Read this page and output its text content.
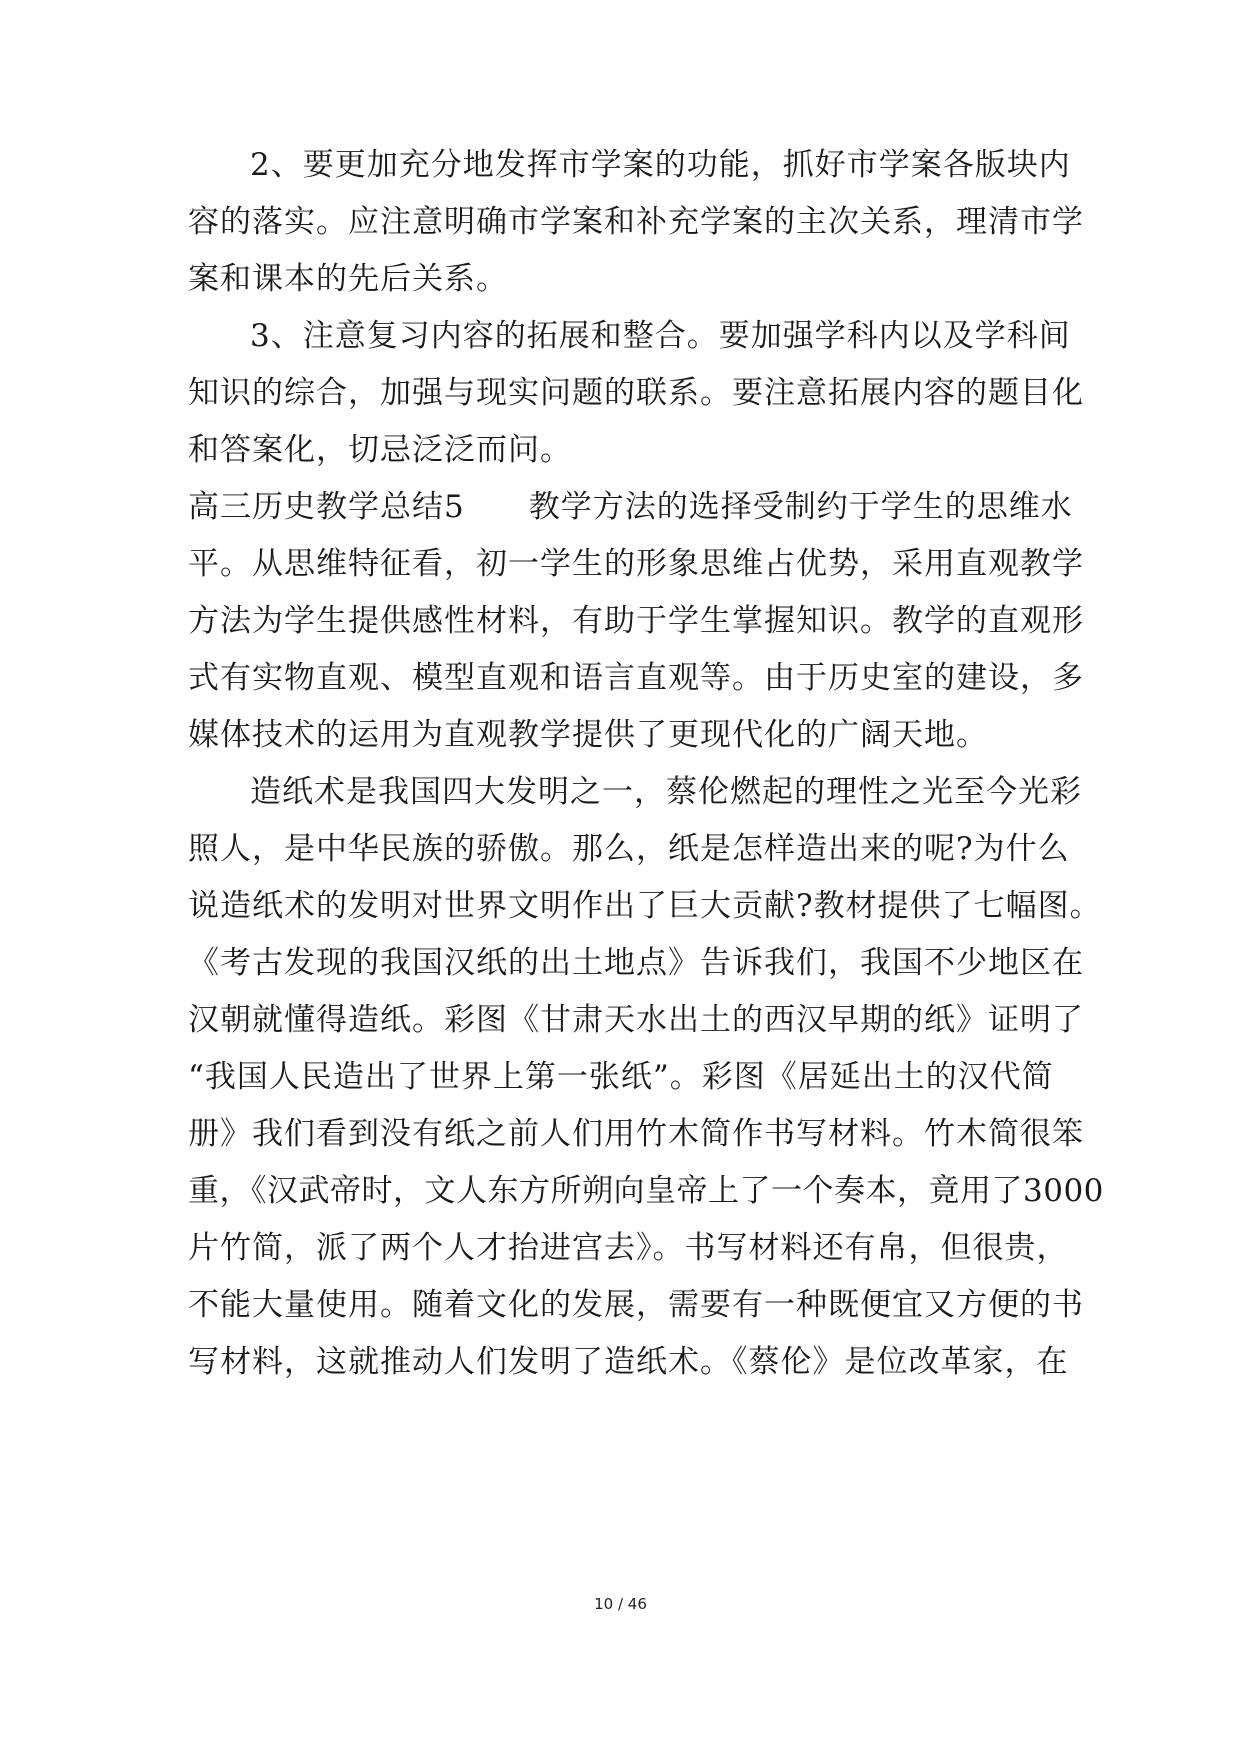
2、要更加充分地发挥市学案的功能，抓好市学案各版块内

容的落实。应注意明确市学案和补充学案的主次关系，理清市学

案和课本的先后关系。

3、注意复习内容的拓展和整合。要加强学科内以及学科间

知识的综合，加强与现实问题的联系。要注意拓展内容的题目化

和答案化，切忌泛泛而问。

高三历史教学总结5　　教学方法的选择受制约于学生的思维水

平。从思维特征看，初一学生的形象思维占优势，采用直观教学

方法为学生提供感性材料，有助于学生掌握知识。教学的直观形

式有实物直观、模型直观和语言直观等。由于历史室的建设，多

媒体技术的运用为直观教学提供了更现代化的广阔天地。

造纸术是我国四大发明之一，蔡伦燃起的理性之光至今光彩

照人，是中华民族的骄傲。那么，纸是怎样造出来的呢?为什么

说造纸术的发明对世界文明作出了巨大贡献?教材提供了七幅图。

《考古发现的我国汉纸的出土地点》告诉我们，我国不少地区在

汉朝就懂得造纸。彩图《甘肃天水出土的西汉早期的纸》证明了

“我国人民造出了世界上第一张纸”。彩图《居延出土的汉代简

册》我们看到没有纸之前人们用竹木简作书写材料。竹木简很笨

重，《汉武帝时，文人东方所朔向皇帝上了一个奏本，竟用了3000

片竹简，派了两个人才抬进宫去》。书写材料还有帛，但很贵，

不能大量使用。随着文化的发展，需要有一种既便宜又方便的书

写材料，这就推动人们发明了造纸术。《蔡伦》是位改革家，在

10 / 46
